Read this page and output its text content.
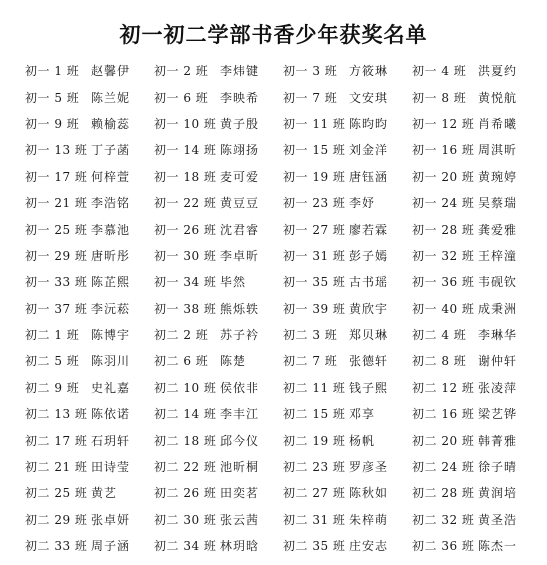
初一初二学部书香少年获奖名单
初一 1 班 赵馨伊	初一 2 班 李炜键	初一 3 班 方筱琳	初一 4 班 洪夏约
初一 5 班 陈兰妮	初一 6 班 李映希	初一 7 班 文安琪	初一 8 班 黄悦航
初一 9 班 赖榆蕊	初一 10 班 黄子殷	初一 11 班 陈昀昀	初一 12 班 肖希曦
初一 13 班 丁子菡	初一 14 班 陈翊扬	初一 15 班 刘金洋	初一 16 班 周淇昕
初一 17 班 何梓萱	初一 18 班 麦可爱	初一 19 班 唐钰涵	初一 20 班 黄琬婷
初一 21 班 李浩铭	初一 22 班 黄豆豆	初一 23 班 李妤	初一 24 班 吴蔡瑞
初一 25 班 李慕池	初一 26 班 沈君睿	初一 27 班 廖若霖	初一 28 班 龚爱雅
初一 29 班 唐昕彤	初一 30 班 李卓昕	初一 31 班 彭子嫣	初一 32 班 王梓潼
初一 33 班 陈芷熙	初一 34 班 毕然	初一 35 班 古书瑶	初一 36 班 韦砚钦
初一 37 班 李沅菘	初一 38 班 熊烁轶	初一 39 班 黄欣宇	初一 40 班 成秉洲
初二 1 班 陈博宇	初二 2 班 苏子衿	初二 3 班 郑贝琳	初二 4 班 李琳华
初二 5 班 陈羽川	初二 6 班 陈楚	初二 7 班 张德轩	初二 8 班 谢仲轩
初二 9 班 史礼嘉	初二 10 班 侯依非	初二 11 班 钱子熙	初二 12 班 张凌萍
初二 13 班 陈依诺	初二 14 班 李丰江	初二 15 班 邓享	初二 16 班 梁艺铧
初二 17 班 石玥轩	初二 18 班 邱今仪	初二 19 班 杨帆	初二 20 班 韩菁雅
初二 21 班 田诗莹	初二 22 班 池昕桐	初二 23 班 罗彦圣	初二 24 班 徐子晴
初二 25 班 黄艺	初二 26 班 田奕茗	初二 27 班 陈秋如	初二 28 班 黄润培
初二 29 班 张卓妍	初二 30 班 张云茜	初二 31 班 朱梓萌	初二 32 班 黄圣浩
初二 33 班 周子涵	初二 34 班 林玥晗	初二 35 班 庄安志	初二 36 班 陈杰一
